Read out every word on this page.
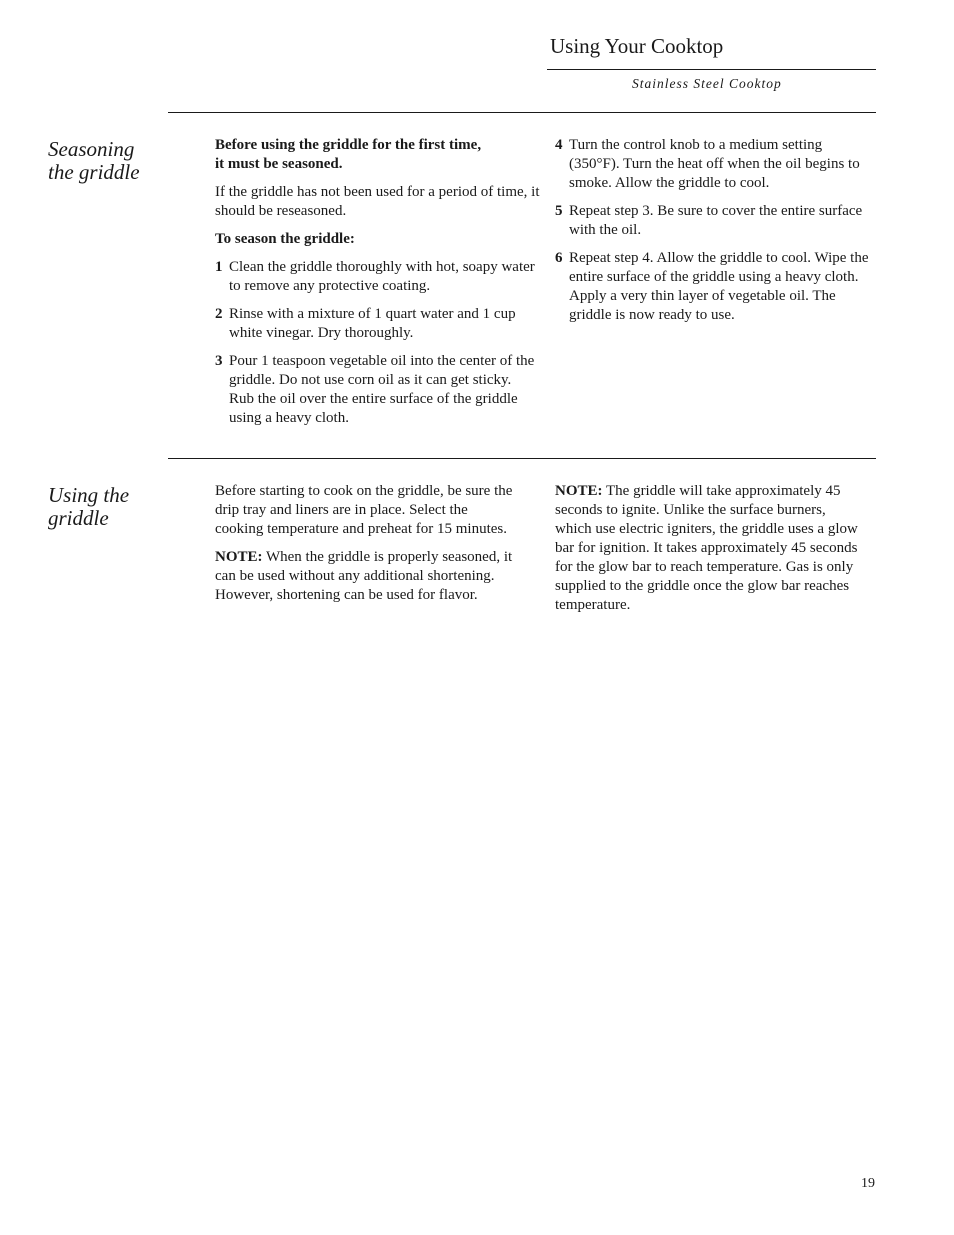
Using Your Cooktop
Stainless Steel Cooktop
Seasoning
the griddle

Before using the griddle for the first time,
it must be seasoned.

If the griddle has not been used for a period of time, it should be reseasoned.

To season the griddle:

1 Clean the griddle thoroughly with hot, soapy water to remove any protective coating.
2 Rinse with a mixture of 1 quart water and 1 cup white vinegar. Dry thoroughly.
3 Pour 1 teaspoon vegetable oil into the center of the griddle. Do not use corn oil as it can get sticky. Rub the oil over the entire surface of the griddle using a heavy cloth.
4 Turn the control knob to a medium setting (350°F). Turn the heat off when the oil begins to smoke. Allow the griddle to cool.
5 Repeat step 3. Be sure to cover the entire surface with the oil.
6 Repeat step 4. Allow the griddle to cool. Wipe the entire surface of the griddle using a heavy cloth. Apply a very thin layer of vegetable oil. The griddle is now ready to use.
Using the
griddle

Before starting to cook on the griddle, be sure the drip tray and liners are in place. Select the cooking temperature and preheat for 15 minutes.

NOTE: When the griddle is properly seasoned, it can be used without any additional shortening. However, shortening can be used for flavor.

NOTE: The griddle will take approximately 45 seconds to ignite. Unlike the surface burners, which use electric igniters, the griddle uses a glow bar for ignition. It takes approximately 45 seconds for the glow bar to reach temperature. Gas is only supplied to the griddle once the glow bar reaches temperature.

19
